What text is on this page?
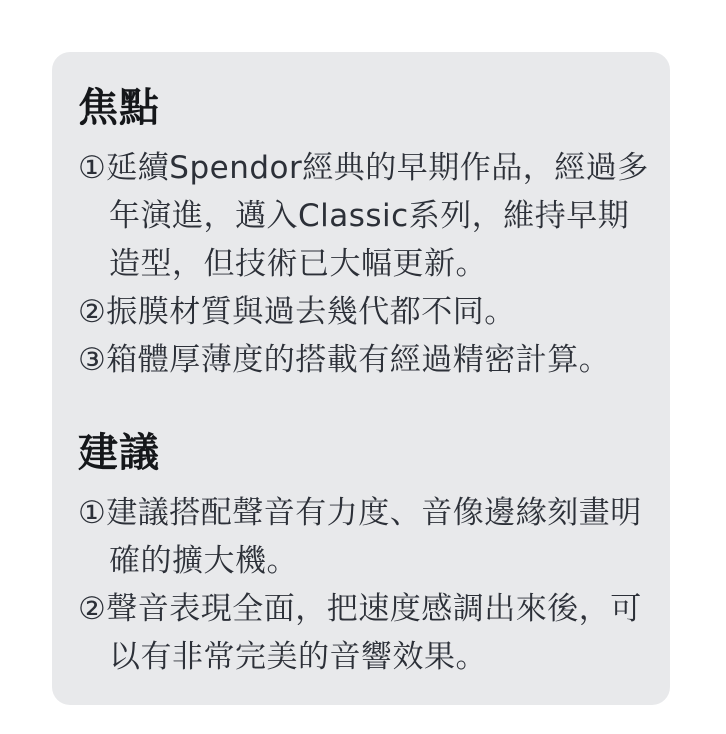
焦點

①延續Spendor經典的早期作品，經過多年演進，邁入Classic系列，維持早期造型，但技術已大幅更新。

②振膜材質與過去幾代都不同。

③箱體厚薄度的搭載有經過精密計算。

建議

①建議搭配聲音有力度、音像邊緣刻畫明確的擴大機。

②聲音表現全面，把速度感調出來後，可以有非常完美的音響效果。
